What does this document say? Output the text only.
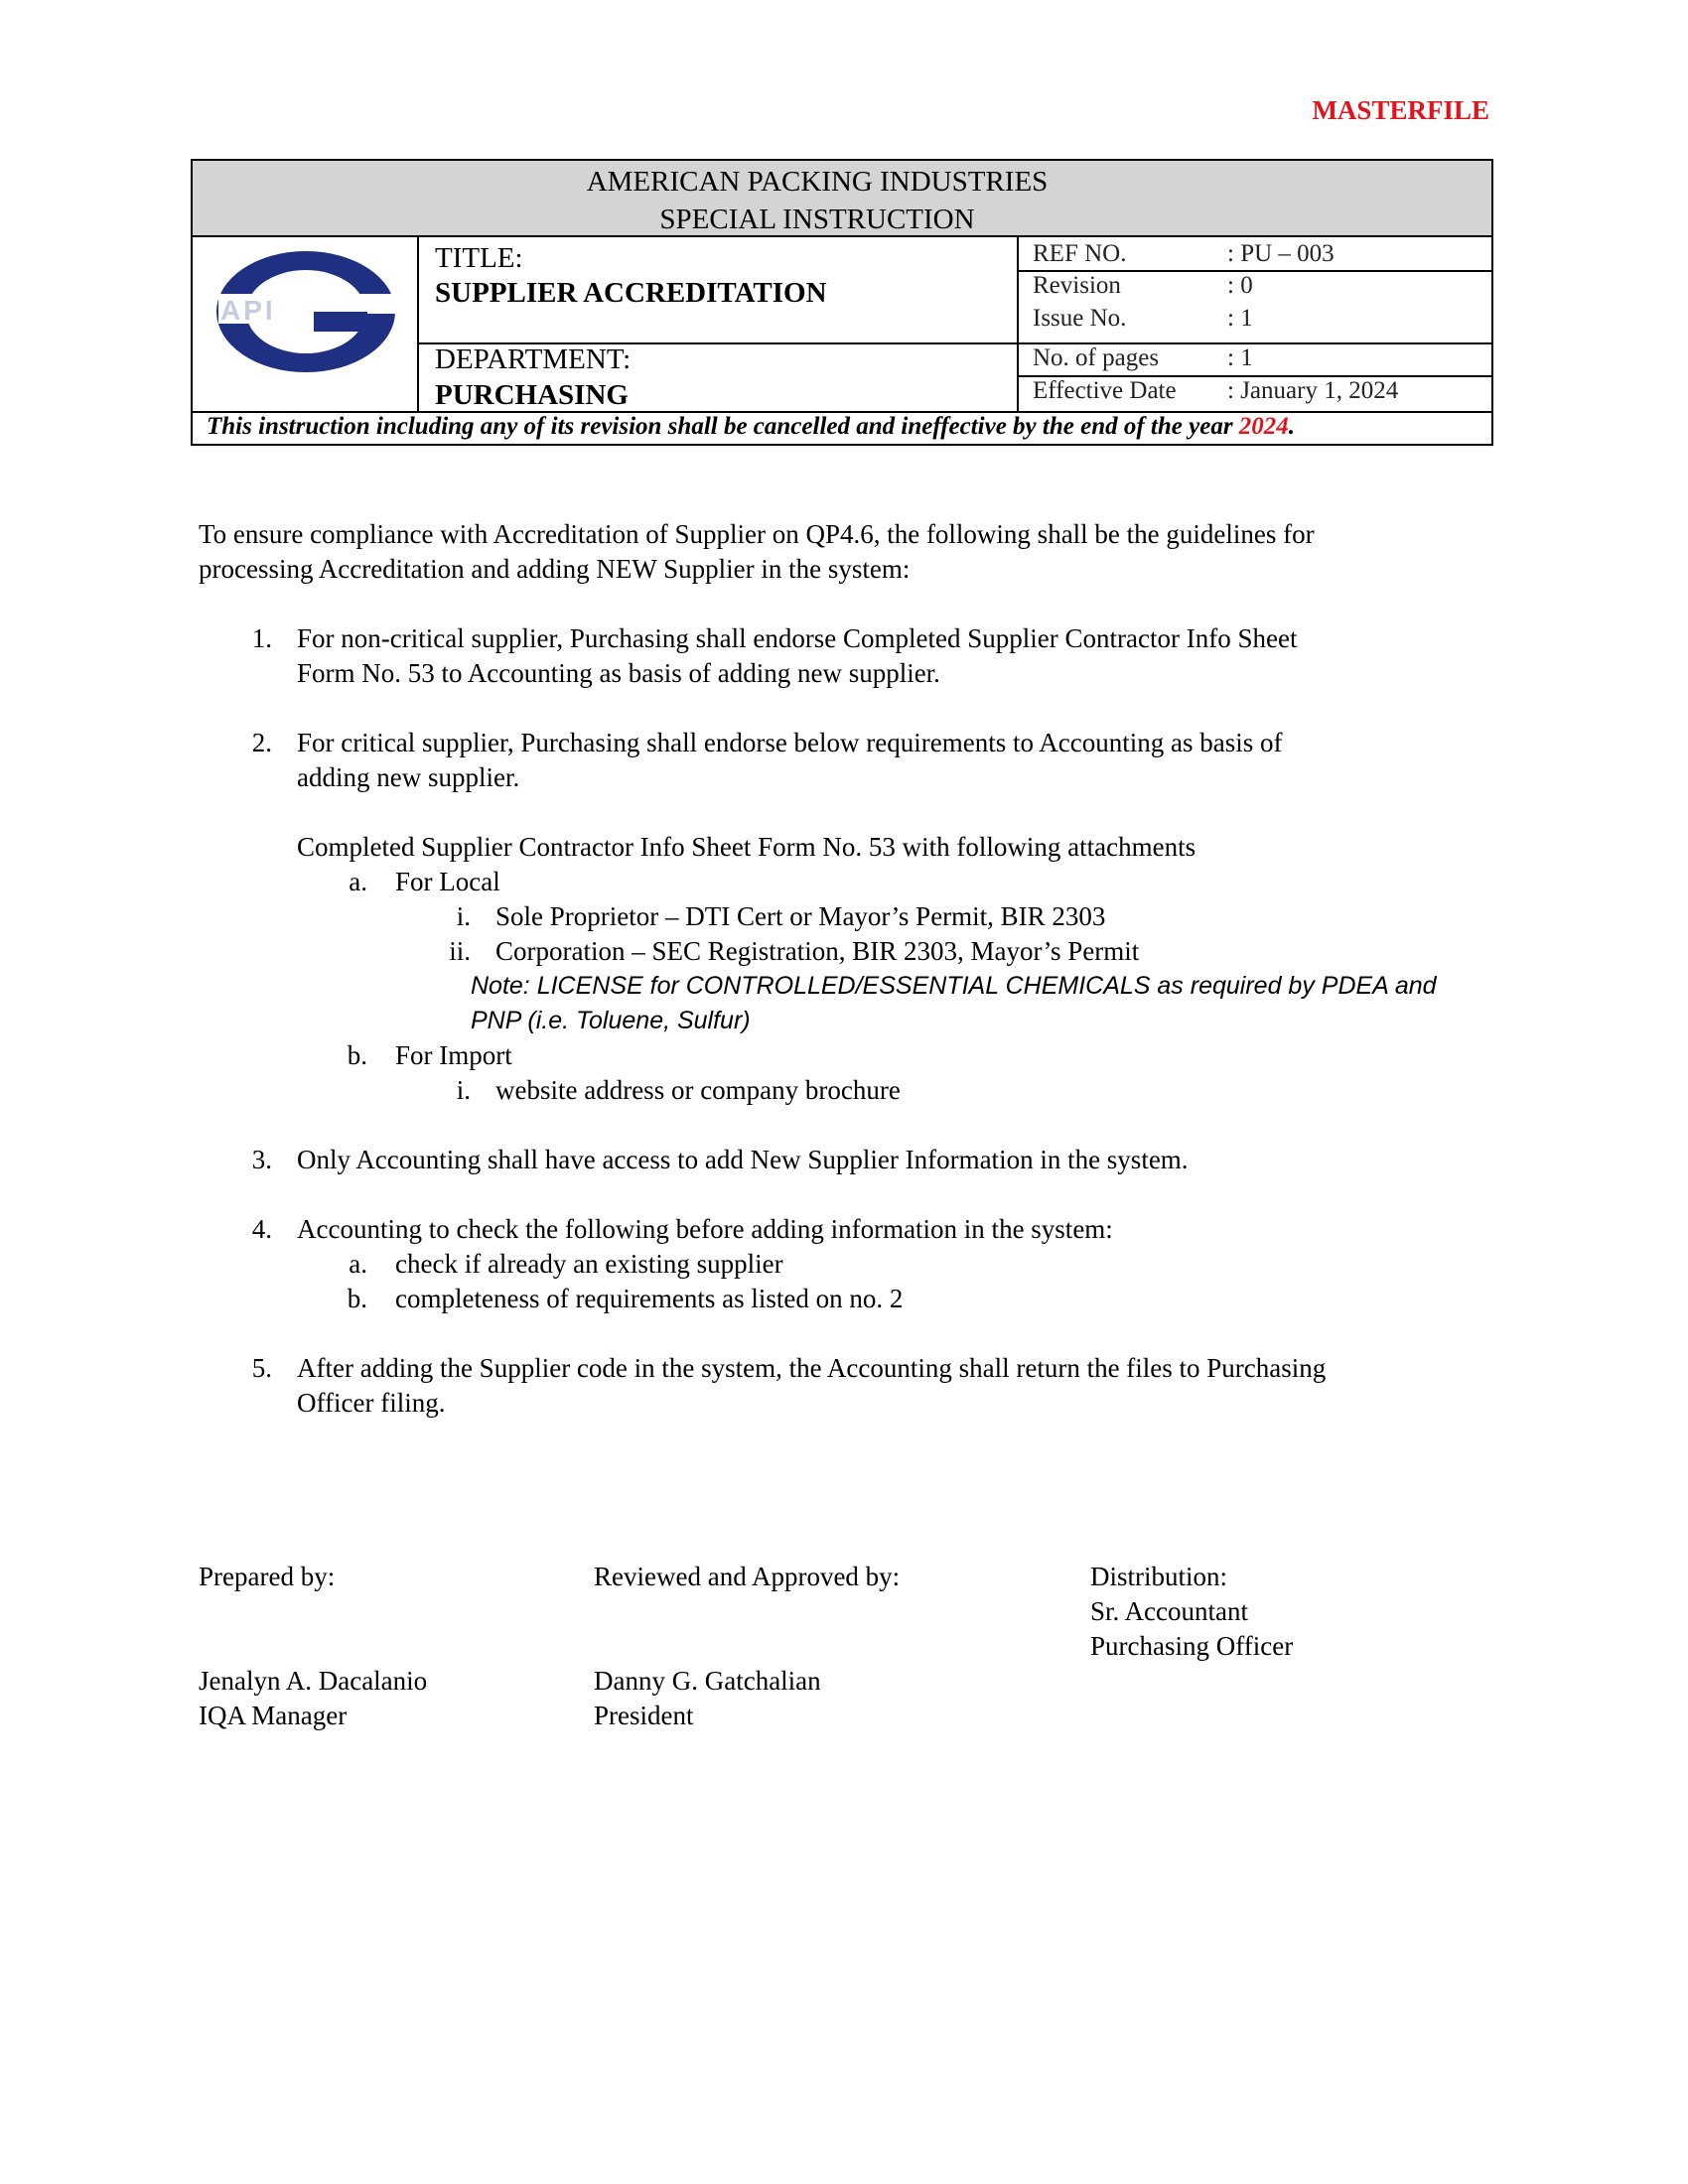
MASTERFILE
AMERICAN PACKING INDUSTRIES
SPECIAL INSTRUCTION
API
TITLE:
SUPPLIER ACCREDITATION
DEPARTMENT:
PURCHASING
REF NO.	: PU – 003
Revision	: 0
Issue No.	: 1
No. of pages	: 1
Effective Date : January 1, 2024
This instruction including any of its revision shall be cancelled and ineffective by the end of the year 2024.
To ensure compliance with Accreditation of Supplier on QP4.6, the following shall be the guidelines for
processing Accreditation and adding NEW Supplier in the system:
1. For non-critical supplier, Purchasing shall endorse Completed Supplier Contractor Info Sheet
Form No. 53 to Accounting as basis of adding new supplier.
2. For critical supplier, Purchasing shall endorse below requirements to Accounting as basis of
adding new supplier.
Completed Supplier Contractor Info Sheet Form No. 53 with following attachments
a. For Local
i. Sole Proprietor – DTI Cert or Mayor’s Permit, BIR 2303
ii. Corporation – SEC Registration, BIR 2303, Mayor’s Permit
Note: LICENSE for CONTROLLED/ESSENTIAL CHEMICALS as required by PDEA and
PNP (i.e. Toluene, Sulfur)
b. For Import
i. website address or company brochure
3. Only Accounting shall have access to add New Supplier Information in the system.
4. Accounting to check the following before adding information in the system:
a. check if already an existing supplier
b. completeness of requirements as listed on no. 2
5. After adding the Supplier code in the system, the Accounting shall return the files to Purchasing
Officer filing.
Prepared by:
Jenalyn A. Dacalanio
IQA Manager
Reviewed and Approved by:
Danny G. Gatchalian
President
Distribution:
Sr. Accountant
Purchasing Officer
